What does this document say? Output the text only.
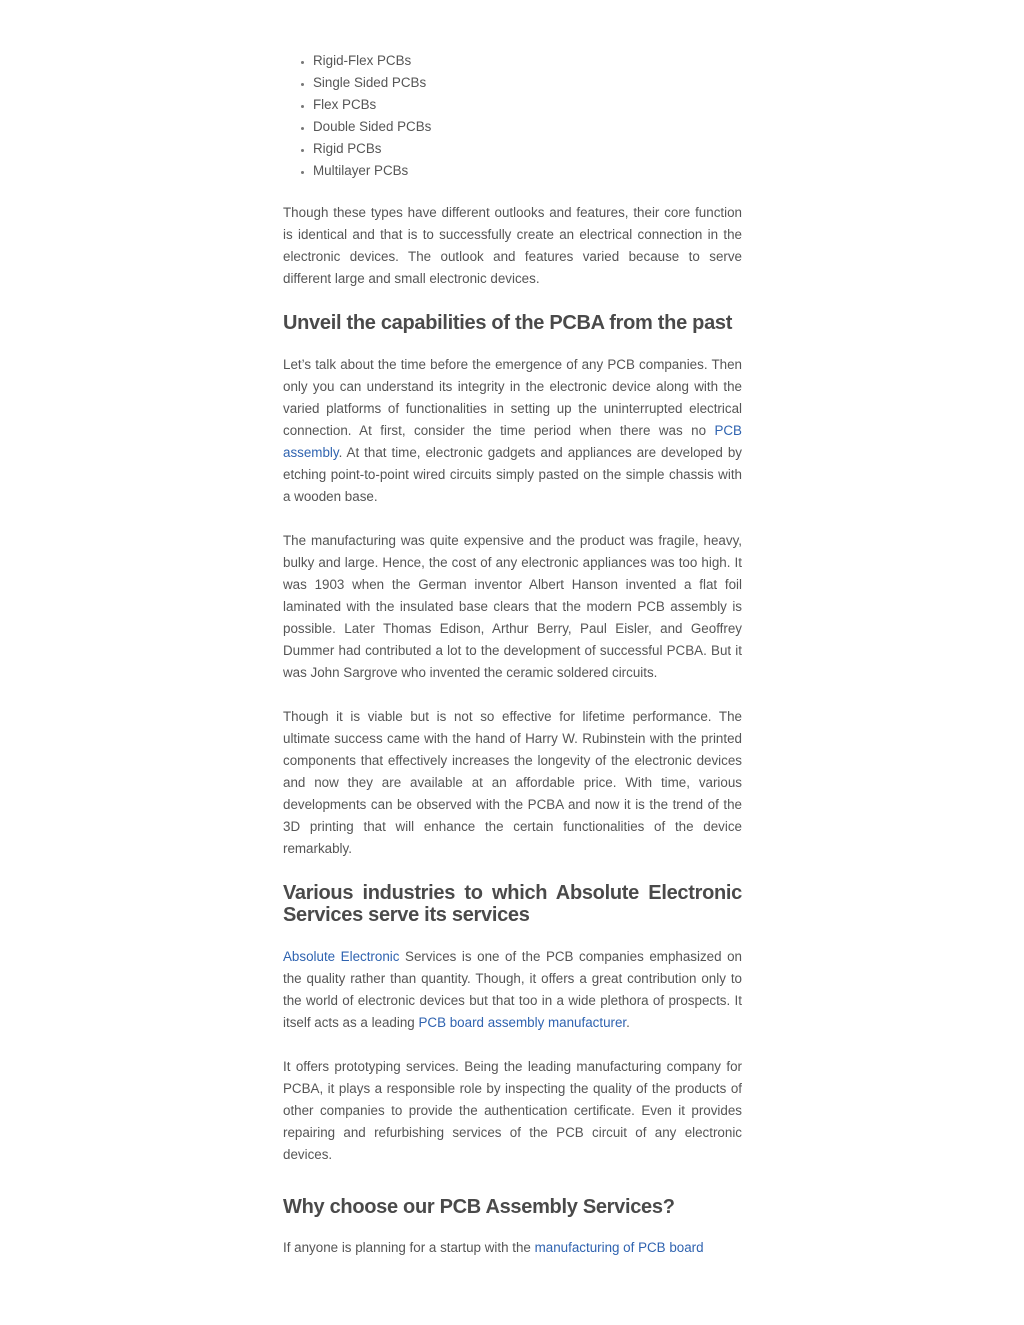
• Rigid-Flex PCBs
• Single Sided PCBs
• Flex PCBs
• Double Sided PCBs
• Rigid PCBs
• Multilayer PCBs

Though these types have different outlooks and features, their core function is identical and that is to successfully create an electrical connection in the electronic devices. The outlook and features varied because to serve different large and small electronic devices.

Unveil the capabilities of the PCBA from the past

Let’s talk about the time before the emergence of any PCB companies. Then only you can understand its integrity in the electronic device along with the varied platforms of functionalities in setting up the uninterrupted electrical connection. At first, consider the time period when there was no PCB assembly. At that time, electronic gadgets and appliances are developed by etching point-to-point wired circuits simply pasted on the simple chassis with a wooden base.

The manufacturing was quite expensive and the product was fragile, heavy, bulky and large. Hence, the cost of any electronic appliances was too high. It was 1903 when the German inventor Albert Hanson invented a flat foil laminated with the insulated base clears that the modern PCB assembly is possible. Later Thomas Edison, Arthur Berry, Paul Eisler, and Geoffrey Dummer had contributed a lot to the development of successful PCBA. But it was John Sargrove who invented the ceramic soldered circuits.

Though it is viable but is not so effective for lifetime performance. The ultimate success came with the hand of Harry W. Rubinstein with the printed components that effectively increases the longevity of the electronic devices and now they are available at an affordable price. With time, various developments can be observed with the PCBA and now it is the trend of the 3D printing that will enhance the certain functionalities of the device remarkably.

Various industries to which Absolute Electronic Services serve its services

Absolute Electronic Services is one of the PCB companies emphasized on the quality rather than quantity. Though, it offers a great contribution only to the world of electronic devices but that too in a wide plethora of prospects. It itself acts as a leading PCB board assembly manufacturer.

It offers prototyping services. Being the leading manufacturing company for PCBA, it plays a responsible role by inspecting the quality of the products of other companies to provide the authentication certificate. Even it provides repairing and refurbishing services of the PCB circuit of any electronic devices.

Why choose our PCB Assembly Services?

If anyone is planning for a startup with the manufacturing of PCB board
